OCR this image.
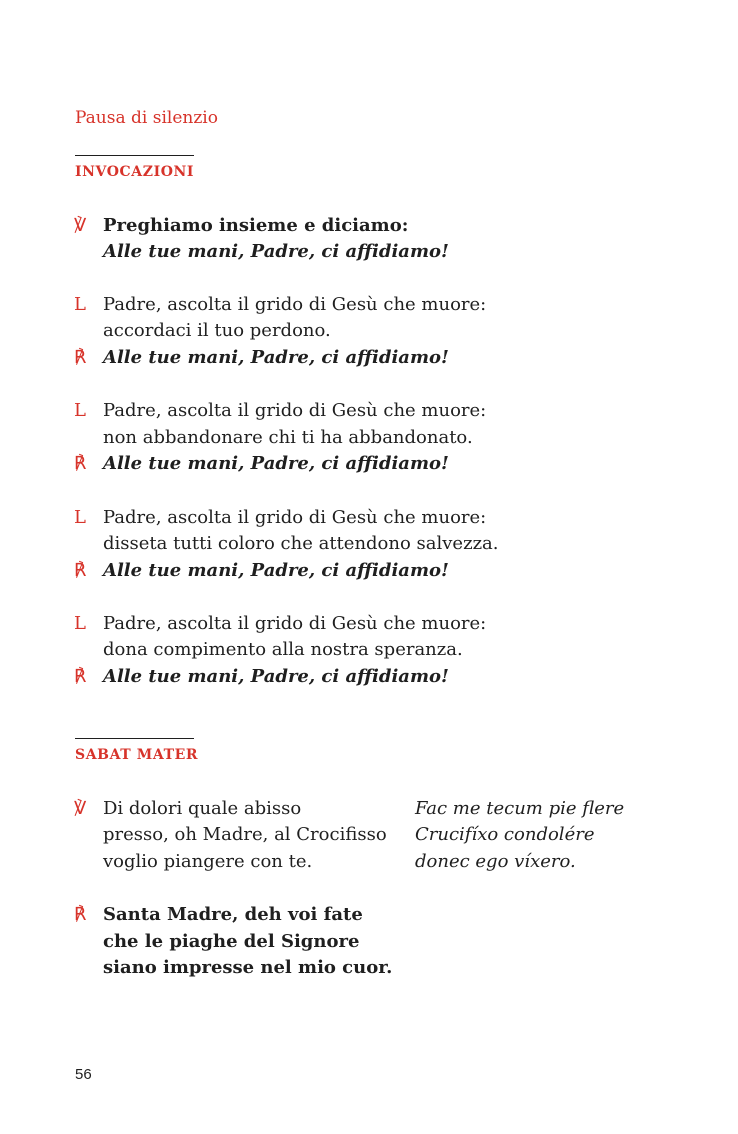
Pausa di silenzio
INVOCAZIONI
℣ Preghiamo insieme e diciamo:
Alle tue mani, Padre, ci affidiamo!
L Padre, ascolta il grido di Gesù che muore:
accordaci il tuo perdono.
℟ Alle tue mani, Padre, ci affidiamo!
L Padre, ascolta il grido di Gesù che muore:
non abbandonare chi ti ha abbandonato.
℟ Alle tue mani, Padre, ci affidiamo!
L Padre, ascolta il grido di Gesù che muore:
disseta tutti coloro che attendono salvezza.
℟ Alle tue mani, Padre, ci affidiamo!
L Padre, ascolta il grido di Gesù che muore:
dona compimento alla nostra speranza.
℟ Alle tue mani, Padre, ci affidiamo!
SABAT MATER
℣ Di dolori quale abisso
presso, oh Madre, al Crocifisso
voglio piangere con te.
Fac me tecum pie flere
Crucifíxo condolére
donec ego víxero.
℟ Santa Madre, deh voi fate
che le piaghe del Signore
siano impresse nel mio cuor.
56
